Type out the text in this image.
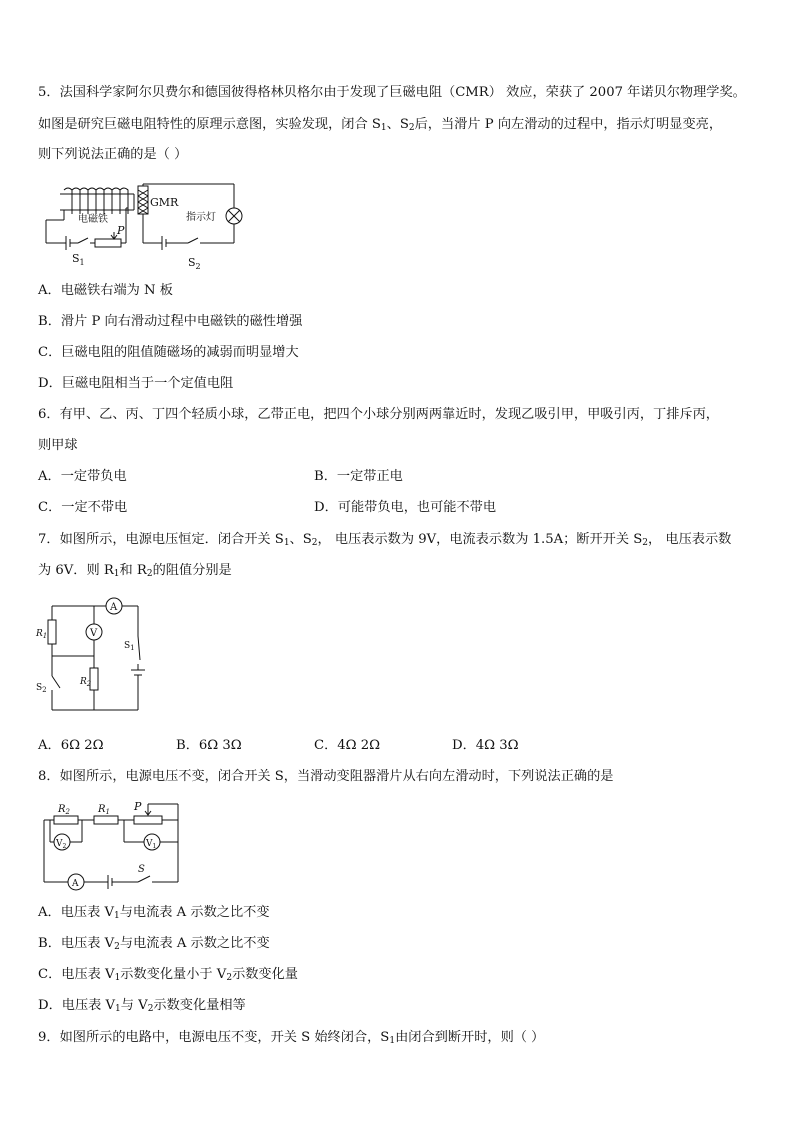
5．法国科学家阿尔贝费尔和德国彼得格林贝格尔由于发现了巨磁电阻（CMR） 效应，荣获了 2007 年诺贝尔物理学奖。
如图是研究巨磁电阻特性的原理示意图，实验发现，闭合 $S_1$、$S_2$后，当滑片 P 向左滑动的过程中，指示灯明显变亮，
则下列说法正确的是（ ）
GMR
电磁铁	指示灯
P
$S_1$	$S_2$
A．电磁铁右端为 N 板
B．滑片 P 向右滑动过程中电磁铁的磁性增强
C．巨磁电阻的阻值随磁场的减弱而明显增大
D．巨磁电阻相当于一个定值电阻
6．有甲、乙、丙、丁四个轻质小球，乙带正电，把四个小球分别两两靠近时，发现乙吸引甲，甲吸引丙，丁排斥丙，
则甲球
A．一定带负电	B．一定带正电
C．一定不带电	D．可能带负电，也可能不带电
7．如图所示，电源电压恒定．闭合开关 $S_1$、$S_2$， 电压表示数为 9V，电流表示数为 1.5A；断开开关 $S_2$， 电压表示数
为 6V．则 $R_1$和 $R_2$的阻值分别是
A
V
$R_1$
$R_2$
$S_1$
$S_2$
A．6Ω 2Ω	B．6Ω 3Ω	C．4Ω 2Ω	D．4Ω 3Ω
8．如图所示，电源电压不变，闭合开关 S，当滑动变阻器滑片从右向左滑动时，下列说法正确的是
$R_2$	$R_1$ P
$V_2$	$V_1$
A
S
A．电压表 $V_1$与电流表 A 示数之比不变
B．电压表 $V_2$与电流表 A 示数之比不变
C．电压表 $V_1$示数变化量小于 $V_2$示数变化量
D．电压表 $V_1$与 $V_2$示数变化量相等
9．如图所示的电路中，电源电压不变，开关 S 始终闭合，$S_1$由闭合到断开时，则（ ）
